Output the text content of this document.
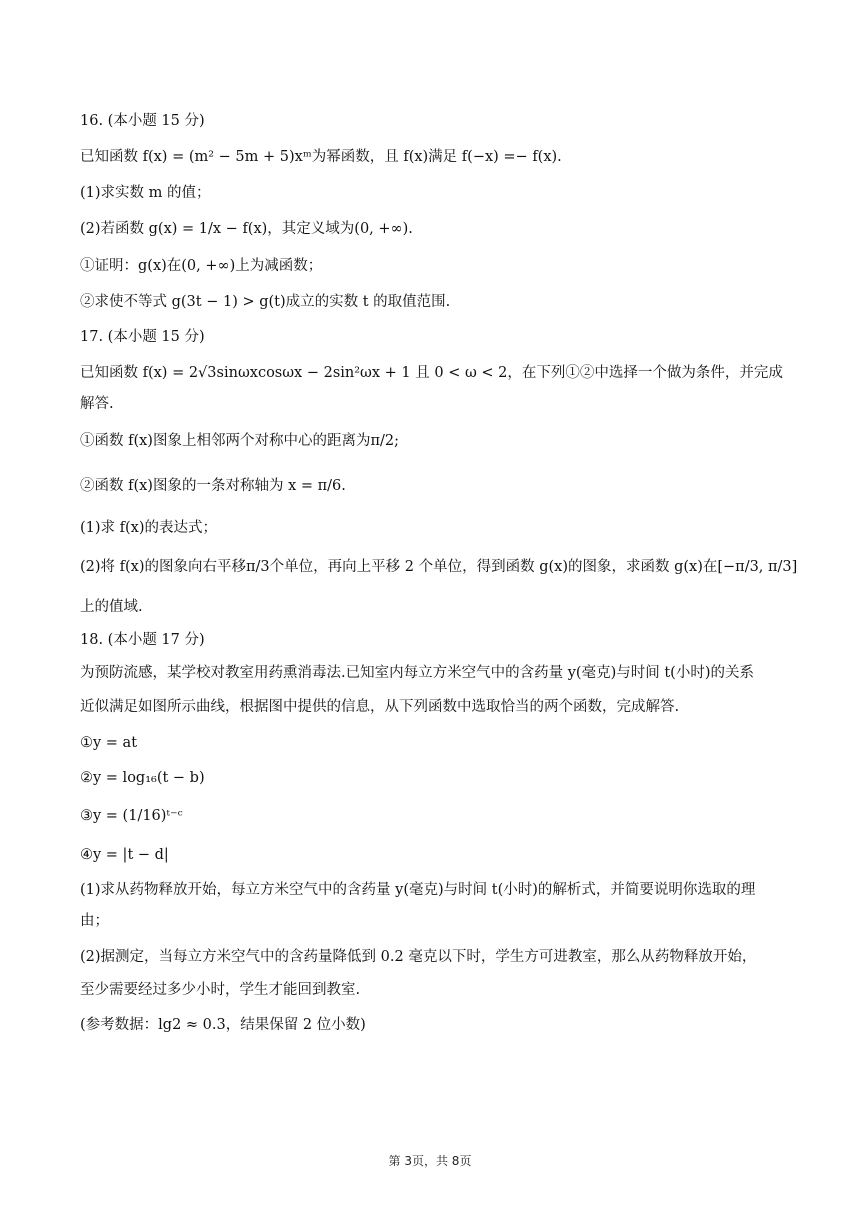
16. (本小题 15 分)
已知函数 f(x) = (m² − 5m + 5)xᵐ为幂函数，且 f(x)满足 f(−x) =− f(x).
(1)求实数 m 的值；
(2)若函数 g(x) = 1/x − f(x)，其定义域为(0, +∞).
①证明：g(x)在(0, +∞)上为减函数；
②求使不等式 g(3t − 1) > g(t)成立的实数 t 的取值范围.
17. (本小题 15 分)
已知函数 f(x) = 2√3sinωxcosωx − 2sin²ωx + 1 且 0 < ω < 2，在下列①②中选择一个做为条件，并完成
解答.
①函数 f(x)图象上相邻两个对称中心的距离为π/2;
②函数 f(x)图象的一条对称轴为 x = π/6.
(1)求 f(x)的表达式；
(2)将 f(x)的图象向右平移π/3个单位，再向上平移 2 个单位，得到函数 g(x)的图象，求函数 g(x)在[−π/3, π/3]
上的值域.
18. (本小题 17 分)
为预防流感，某学校对教室用药熏消毒法.已知室内每立方米空气中的含药量 y(毫克)与时间 t(小时)的关系
近似满足如图所示曲线，根据图中提供的信息，从下列函数中选取恰当的两个函数，完成解答.
①y = at
②y = log₁₆(t − b)
③y = (1/16)ᵗ⁻ᶜ
④y = |t − d|
(1)求从药物释放开始，每立方米空气中的含药量 y(毫克)与时间 t(小时)的解析式，并简要说明你选取的理
由；
(2)据测定，当每立方米空气中的含药量降低到 0.2 毫克以下时，学生方可进教室，那么从药物释放开始，
至少需要经过多少小时，学生才能回到教室.
(参考数据：lg2 ≈ 0.3，结果保留 2 位小数)
第 3页，共 8页
